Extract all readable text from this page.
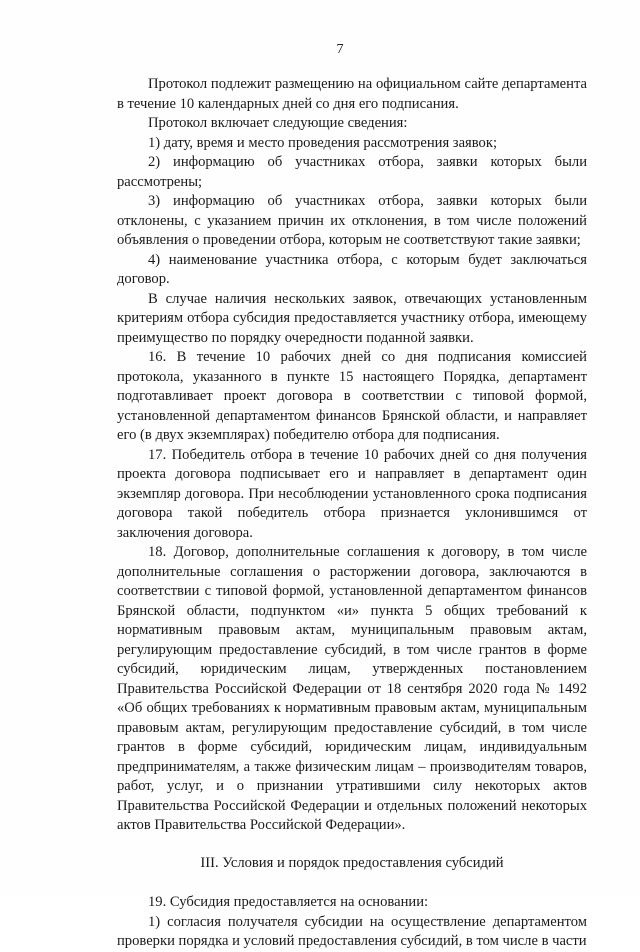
7

Протокол подлежит размещению на официальном сайте департамента в течение 10 календарных дней со дня его подписания.

Протокол включает следующие сведения:

1) дату, время и место проведения рассмотрения заявок;

2) информацию об участниках отбора, заявки которых были рассмотрены;

3) информацию об участниках отбора, заявки которых были отклонены, с указанием причин их отклонения, в том числе положений объявления о проведении отбора, которым не соответствуют такие заявки;

4) наименование участника отбора, с которым будет заключаться договор.

В случае наличия нескольких заявок, отвечающих установленным критериям отбора субсидия предоставляется участнику отбора, имеющему преимущество по порядку очередности поданной заявки.

16. В течение 10 рабочих дней со дня подписания комиссией протокола, указанного в пункте 15 настоящего Порядка, департамент подготавливает проект договора в соответствии с типовой формой, установленной департаментом финансов Брянской области, и направляет его (в двух экземплярах) победителю отбора для подписания.

17. Победитель отбора в течение 10 рабочих дней со дня получения проекта договора подписывает его и направляет в департамент один экземпляр договора. При несоблюдении установленного срока подписания договора такой победитель отбора признается уклонившимся от заключения договора.

18. Договор, дополнительные соглашения к договору, в том числе дополнительные соглашения о расторжении договора, заключаются в соответствии с типовой формой, установленной департаментом финансов Брянской области, подпунктом «и» пункта 5 общих требований к нормативным правовым актам, муниципальным правовым актам, регулирующим предоставление субсидий, в том числе грантов в форме субсидий, юридическим лицам, утвержденных постановлением Правительства Российской Федерации от 18 сентября 2020 года № 1492 «Об общих требованиях к нормативным правовым актам, муниципальным правовым актам, регулирующим предоставление субсидий, в том числе грантов в форме субсидий, юридическим лицам, индивидуальным предпринимателям, а также физическим лицам – производителям товаров, работ, услуг, и о признании утратившими силу некоторых актов Правительства Российской Федерации и отдельных положений некоторых актов Правительства Российской Федерации».

III. Условия и порядок предоставления субсидий

19. Субсидия предоставляется на основании:

1) согласия получателя субсидии на осуществление департаментом проверки порядка и условий предоставления субсидий, в том числе в части
